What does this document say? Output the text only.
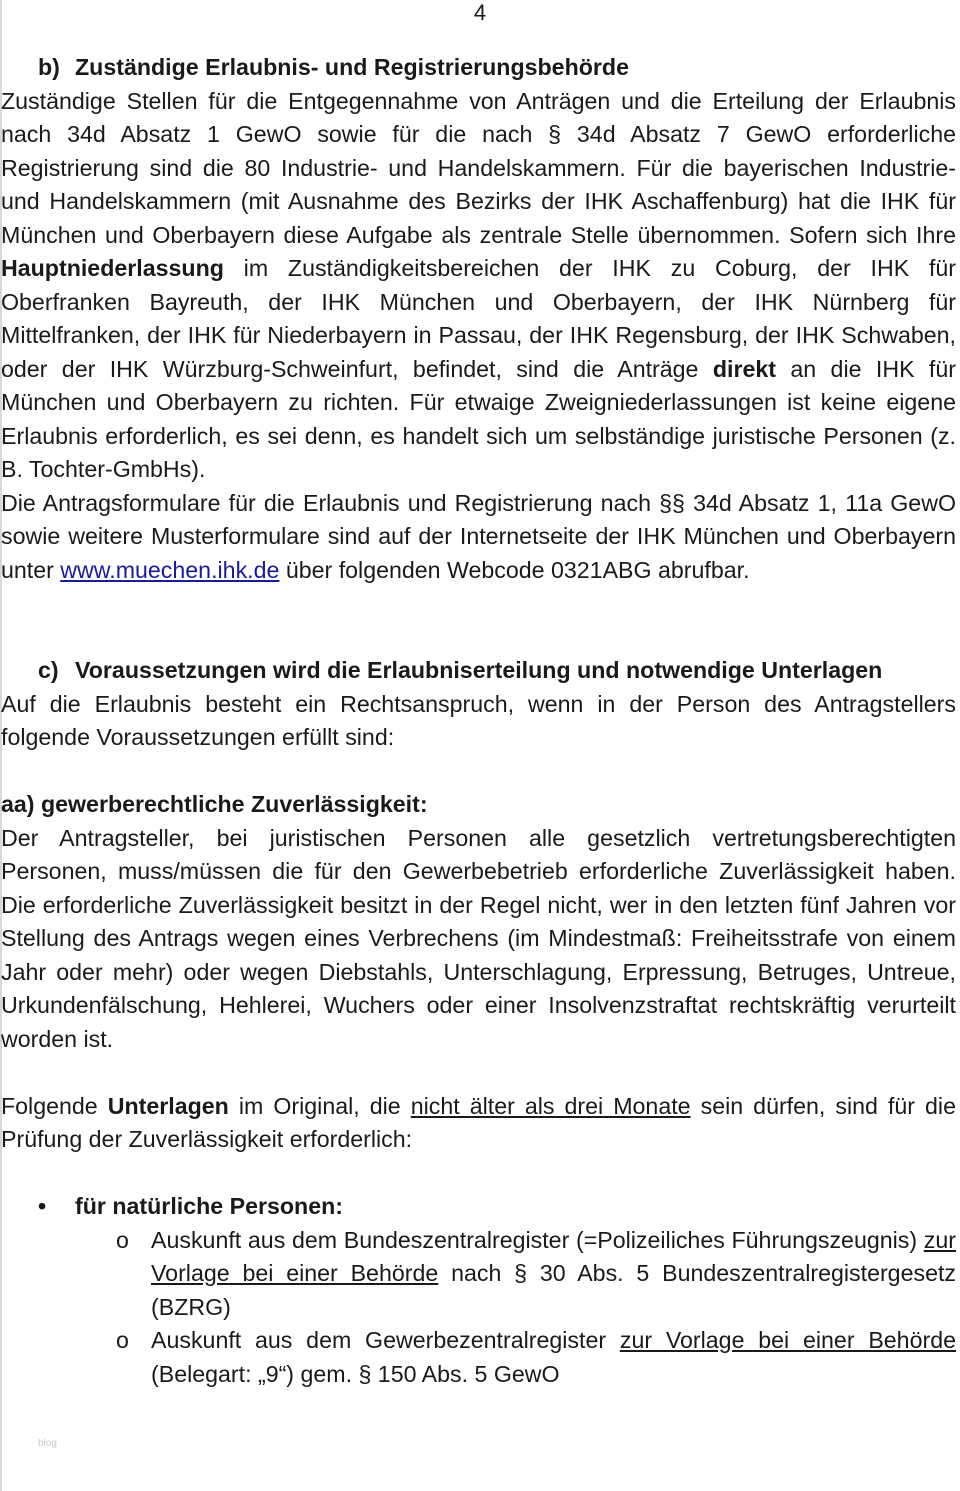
4
b) Zuständige Erlaubnis- und Registrierungsbehörde

Zuständige Stellen für die Entgegennahme von Anträgen und die Erteilung der Erlaubnis nach 34d Absatz 1 GewO sowie für die nach § 34d Absatz 7 GewO erforderliche Registrierung sind die 80 Industrie- und Handelskammern. Für die bayerischen Industrie- und Handelskammern (mit Ausnahme des Bezirks der IHK Aschaffenburg) hat die IHK für München und Oberbayern diese Aufgabe als zentrale Stelle übernommen. Sofern sich Ihre Hauptniederlassung im Zuständigkeitsbereichen der IHK zu Coburg, der IHK für Oberfranken Bayreuth, der IHK München und Oberbayern, der IHK Nürnberg für Mittelfranken, der IHK für Niederbayern in Passau, der IHK Regensburg, der IHK Schwaben, oder der IHK Würzburg-Schweinfurt, befindet, sind die Anträge direkt an die IHK für München und Oberbayern zu richten. Für etwaige Zweigniederlassungen ist keine eigene Erlaubnis erforderlich, es sei denn, es handelt sich um selbständige juristische Personen (z. B. Tochter-GmbHs).

Die Antragsformulare für die Erlaubnis und Registrierung nach §§ 34d Absatz 1, 11a GewO sowie weitere Musterformulare sind auf der Internetseite der IHK München und Oberbayern unter www.muechen.ihk.de über folgenden Webcode 0321ABG abrufbar.

c) Voraussetzungen wird die Erlaubniserteilung und notwendige Unterlagen

Auf die Erlaubnis besteht ein Rechtsanspruch, wenn in der Person des Antragstellers folgende Voraussetzungen erfüllt sind:

aa) gewerberechtliche Zuverlässigkeit:

Der Antragsteller, bei juristischen Personen alle gesetzlich vertretungsberechtigten Personen, muss/müssen die für den Gewerbebetrieb erforderliche Zuverlässigkeit haben. Die erforderliche Zuverlässigkeit besitzt in der Regel nicht, wer in den letzten fünf Jahren vor Stellung des Antrags wegen eines Verbrechens (im Mindestmaß: Freiheitsstrafe von einem Jahr oder mehr) oder wegen Diebstahls, Unterschlagung, Erpressung, Betruges, Untreue, Urkundenfälschung, Hehlerei, Wuchers oder einer Insolvenzstraftat rechtskräftig verurteilt worden ist.

Folgende Unterlagen im Original, die nicht älter als drei Monate sein dürfen, sind für die Prüfung der Zuverlässigkeit erforderlich:

•	für natürliche Personen:
o Auskunft aus dem Bundeszentralregister (=Polizeiliches Führungszeugnis) zur Vorlage bei einer Behörde nach § 30 Abs. 5 Bundeszentralregistergesetz (BZRG)
o Auskunft aus dem Gewerbezentralregister zur Vorlage bei einer Behörde (Belegart: „9“) gem. § 150 Abs. 5 GewO
blog
